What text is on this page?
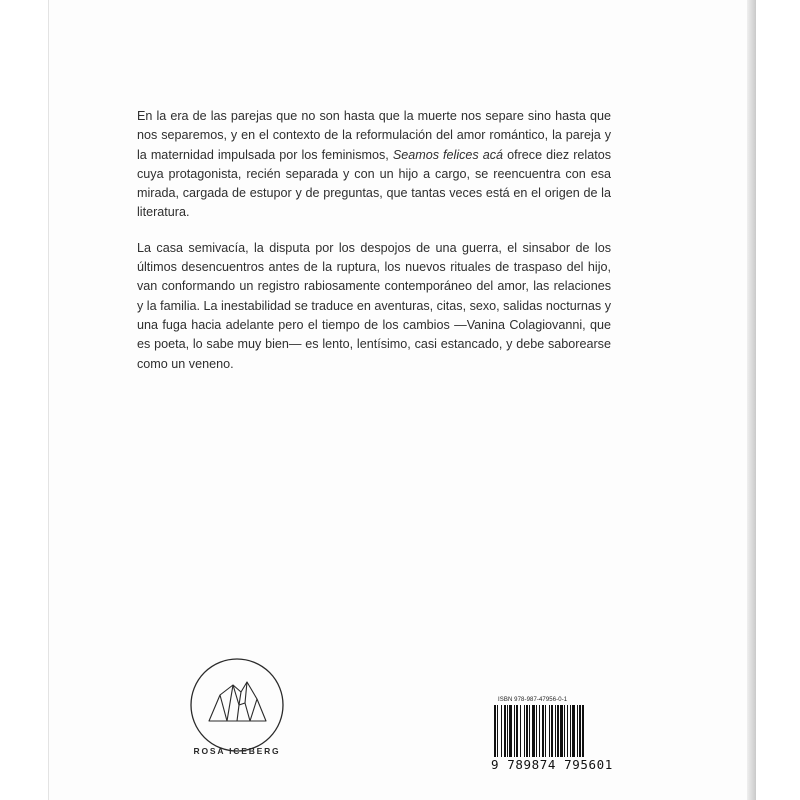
En la era de las parejas que no son hasta que la muerte nos separe sino hasta que nos separemos, y en el contexto de la reformulación del amor romántico, la pareja y la maternidad impulsada por los feminismos, Seamos felices acá ofrece diez relatos cuya protagonista, recién separada y con un hijo a cargo, se reencuentra con esa mirada, cargada de estupor y de preguntas, que tantas veces está en el origen de la literatura.

La casa semivacía, la disputa por los despojos de una guerra, el sinsabor de los últimos desencuentros antes de la ruptura, los nuevos rituales de traspaso del hijo, van conformando un registro rabiosamente contemporáneo del amor, las relaciones y la familia. La inestabilidad se traduce en aventuras, citas, sexo, salidas nocturnas y una fuga hacia adelante pero el tiempo de los cambios —Vanina Colagiovanni, que es poeta, lo sabe muy bien— es lento, lentísimo, casi estancado, y debe saborearse como un veneno.

ROSA ICEBERG
ISBN 978-987-47956-0-1
9 789874 795601
